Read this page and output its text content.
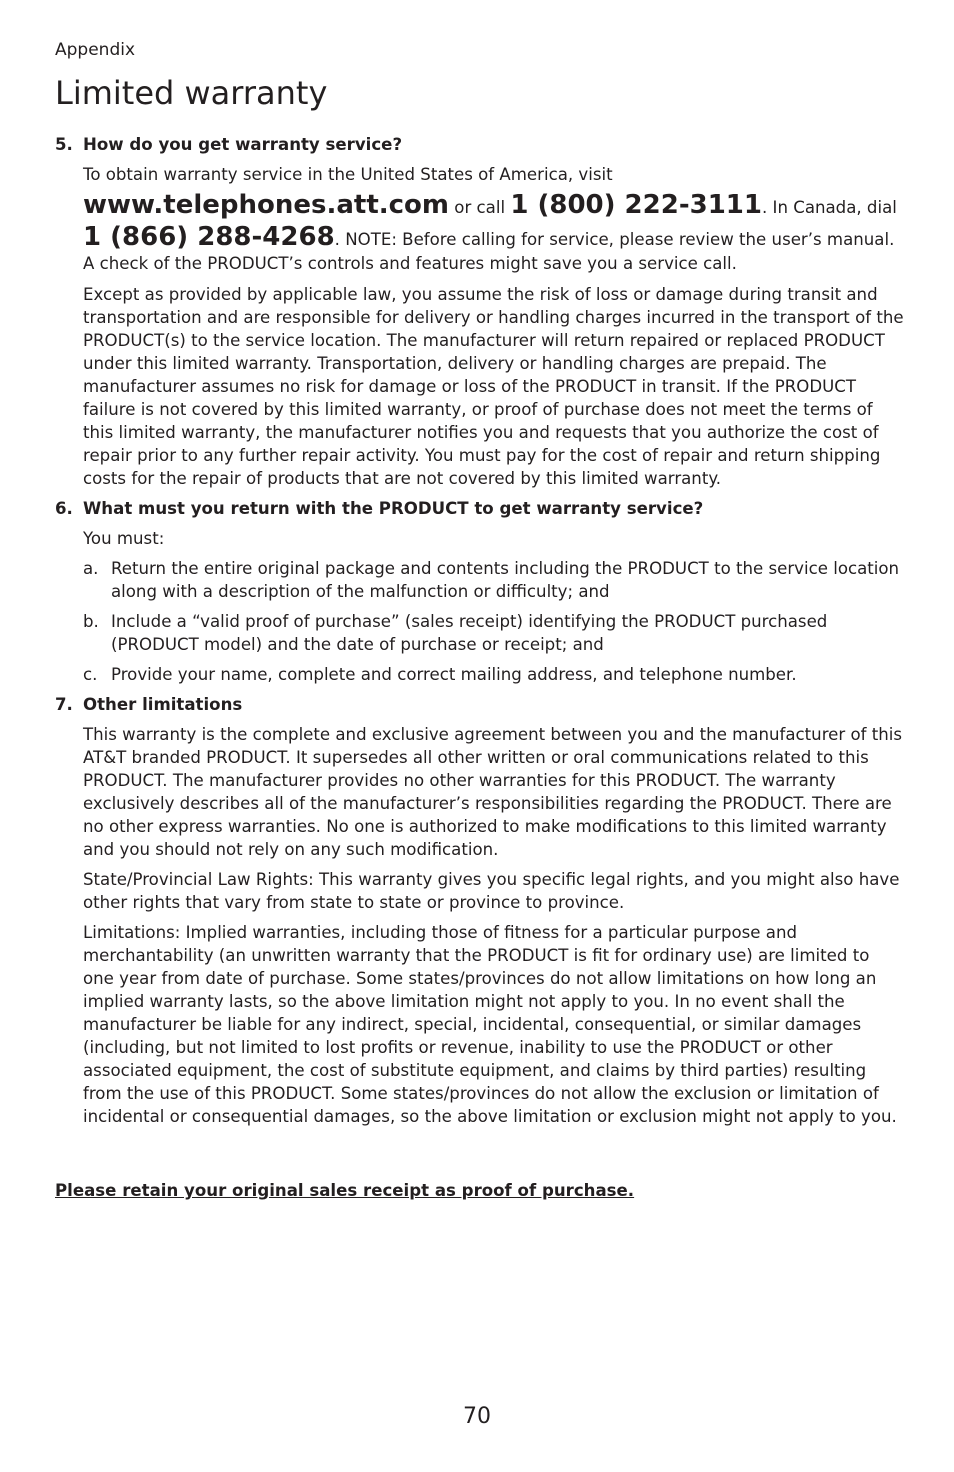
Appendix
Limited warranty
5. How do you get warranty service?

To obtain warranty service in the United States of America, visit

www.telephones.att.com or call 1 (800) 222-3111. In Canada, dial

1 (866) 288-4268. NOTE: Before calling for service, please review the user’s manual. A check of the PRODUCT’s controls and features might save you a service call.

Except as provided by applicable law, you assume the risk of loss or damage during transit and transportation and are responsible for delivery or handling charges incurred in the transport of the PRODUCT(s) to the service location. The manufacturer will return repaired or replaced PRODUCT under this limited warranty. Transportation, delivery or handling charges are prepaid. The manufacturer assumes no risk for damage or loss of the PRODUCT in transit. If the PRODUCT failure is not covered by this limited warranty, or proof of purchase does not meet the terms of this limited warranty, the manufacturer notifies you and requests that you authorize the cost of repair prior to any further repair activity. You must pay for the cost of repair and return shipping costs for the repair of products that are not covered by this limited warranty.

6. What must you return with the PRODUCT to get warranty service?

You must:

a. Return the entire original package and contents including the PRODUCT to the service location along with a description of the malfunction or difficulty; and
b. Include a “valid proof of purchase” (sales receipt) identifying the PRODUCT purchased (PRODUCT model) and the date of purchase or receipt; and
c. Provide your name, complete and correct mailing address, and telephone number.
7. Other limitations

This warranty is the complete and exclusive agreement between you and the manufacturer of this AT&T branded PRODUCT. It supersedes all other written or oral communications related to this PRODUCT. The manufacturer provides no other warranties for this PRODUCT. The warranty exclusively describes all of the manufacturer’s responsibilities regarding the PRODUCT. There are no other express warranties. No one is authorized to make modifications to this limited warranty and you should not rely on any such modification.

State/Provincial Law Rights: This warranty gives you specific legal rights, and you might also have other rights that vary from state to state or province to province.

Limitations: Implied warranties, including those of fitness for a particular purpose and merchantability (an unwritten warranty that the PRODUCT is fit for ordinary use) are limited to one year from date of purchase. Some states/provinces do not allow limitations on how long an implied warranty lasts, so the above limitation might not apply to you. In no event shall the manufacturer be liable for any indirect, special, incidental, consequential, or similar damages (including, but not limited to lost profits or revenue, inability to use the PRODUCT or other associated equipment, the cost of substitute equipment, and claims by third parties) resulting from the use of this PRODUCT. Some states/provinces do not allow the exclusion or limitation of incidental or consequential damages, so the above limitation or exclusion might not apply to you.

Please retain your original sales receipt as proof of purchase.
70
